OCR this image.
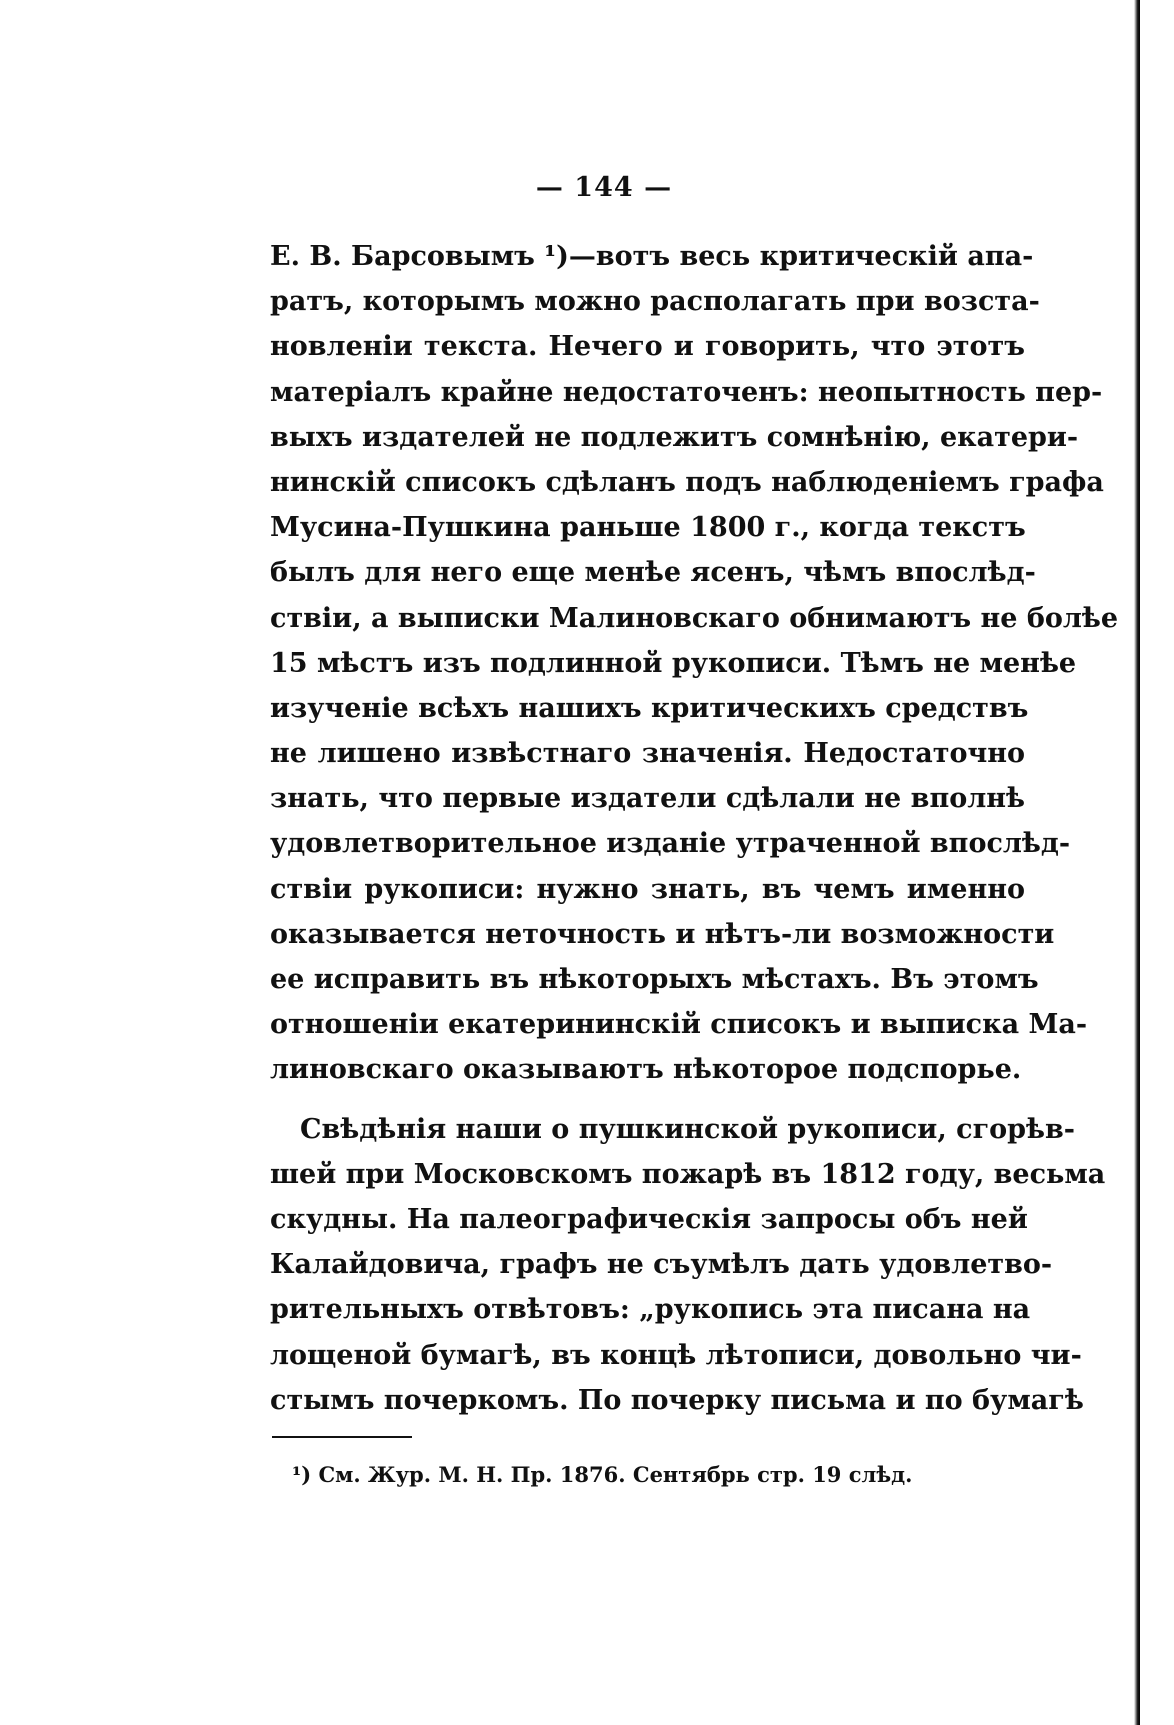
— 144 —
Е. В. Барсовымъ ¹)—вотъ весь критическій апа-
ратъ, которымъ можно располагать при возста-
новленіи текста. Нечего и говорить, что этотъ
матеріалъ крайне недостаточенъ: неопытность пер-
выхъ издателей не подлежитъ сомнѣнію, екатери-
нинскій списокъ сдѣланъ подъ наблюденіемъ графа
Мусина-Пушкина раньше 1800 г., когда текстъ
былъ для него еще менѣе ясенъ, чѣмъ впослѣд-
ствіи, а выписки Малиновскаго обнимаютъ не болѣе
15 мѣстъ изъ подлинной рукописи. Тѣмъ не менѣе
изученіе всѣхъ нашихъ критическихъ средствъ
не лишено извѣстнаго значенія. Недостаточно
знать, что первые издатели сдѣлали не вполнѣ
удовлетворительное изданіе утраченной впослѣд-
ствіи рукописи: нужно знать, въ чемъ именно
оказывается неточность и нѣтъ-ли возможности
ее исправить въ нѣкоторыхъ мѣстахъ. Въ этомъ
отношеніи екатерининскій списокъ и выписка Ма-
линовскаго оказываютъ нѣкоторое подспорье.
Свѣдѣнія наши о пушкинской рукописи, сгорѣв-
шей при Московскомъ пожарѣ въ 1812 году, весьма
скудны. На палеографическія запросы объ ней
Калайдовича, графъ не съумѣлъ дать удовлетво-
рительныхъ отвѣтовъ: „рукопись эта писана на
лощеной бумагѣ, въ концѣ лѣтописи, довольно чи-
стымъ почеркомъ. По почерку письма и по бумагѣ
¹) См. Жур. М. Н. Пр. 1876. Сентябрь стр. 19 слѣд.
